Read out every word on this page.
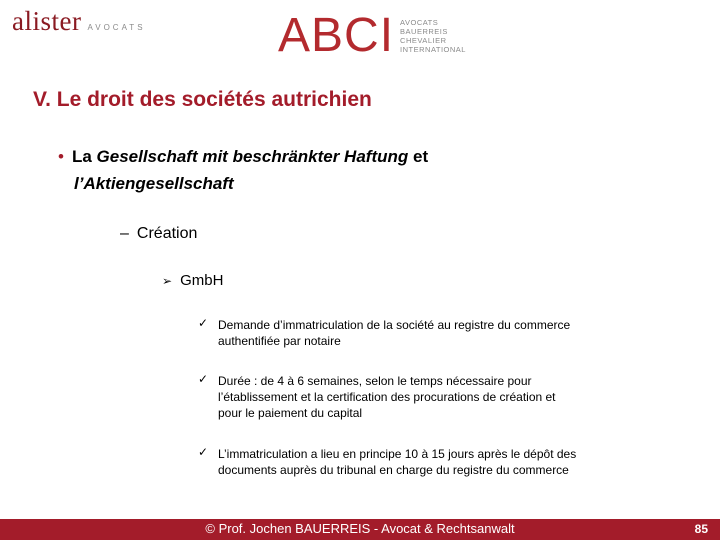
alister AVOCATS	ABCI AVOCATS
BAUERREIS
CHEVALIER
INTERNATIONAL
V. Le droit des sociétés autrichien
• La Gesellschaft mit beschränkter Haftung et
l’Aktiengesellschaft
– Création
➢ GmbH
✓ Demande d’immatriculation de la société au registre du commerce
authentifiée par notaire
✓ Durée : de 4 à 6 semaines, selon le temps nécessaire pour
l’établissement et la certification des procurations de création et
pour le paiement du capital
✓ L’immatriculation a lieu en principe 10 à 15 jours après le dépôt des
documents auprès du tribunal en charge du registre du commerce
© Prof. Jochen BAUERREIS - Avocat & Rechtsanwalt	85
